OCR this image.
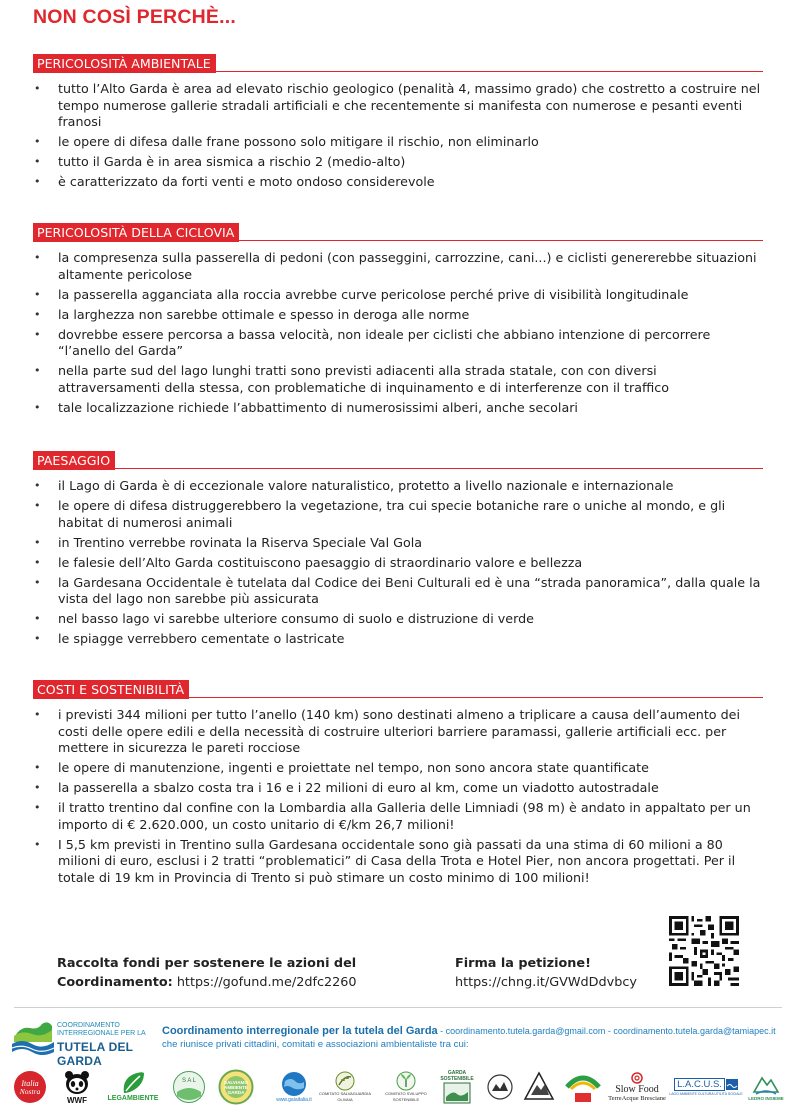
NON COSÌ PERCHÈ...
PERICOLOSITÀ AMBIENTALE
• tutto l’Alto Garda è area ad elevato rischio geologico (penalità 4, massimo grado) che costretto a costruire nel tempo numerose gallerie stradali artificiali e che recentemente si manifesta con numerose e pesanti eventi franosi
• le opere di difesa dalle frane possono solo mitigare il rischio, non eliminarlo
• tutto il Garda è in area sismica a rischio 2 (medio-alto)
• è caratterizzato da forti venti e moto ondoso considerevole
PERICOLOSITÀ DELLA CICLOVIA
• la compresenza sulla passerella di pedoni (con passeggini, carrozzine, cani...) e ciclisti genererebbe situazioni altamente pericolose
• la passerella agganciata alla roccia avrebbe curve pericolose perché prive di visibilità longitudinale
• la larghezza non sarebbe ottimale e spesso in deroga alle norme
• dovrebbe essere percorsa a bassa velocità, non ideale per ciclisti che abbiano intenzione di percorrere “l’anello del Garda”
• nella parte sud del lago lunghi tratti sono previsti adiacenti alla strada statale, con con diversi attraversamenti della stessa, con problematiche di inquinamento e di interferenze con il traffico
• tale localizzazione richiede l’abbattimento di numerosissimi alberi, anche secolari
PAESAGGIO
• il Lago di Garda è di eccezionale valore naturalistico, protetto a livello nazionale e internazionale
• le opere di difesa distruggerebbero la vegetazione, tra cui specie botaniche rare o uniche al mondo, e gli habitat di numerosi animali
• in Trentino verrebbe rovinata la Riserva Speciale Val Gola
• le falesie dell’Alto Garda costituiscono paesaggio di straordinario valore e bellezza
• la Gardesana Occidentale è tutelata dal Codice dei Beni Culturali ed è una “strada panoramica”, dalla quale la vista del lago non sarebbe più assicurata
• nel basso lago vi sarebbe ulteriore consumo di suolo e distruzione di verde
• le spiagge verrebbero cementate o lastricate
COSTI E SOSTENIBILITÀ
• i previsti 344 milioni per tutto l’anello (140 km) sono destinati almeno a triplicare a causa dell’aumento dei costi delle opere edili e della necessità di costruire ulteriori barriere paramassi, gallerie artificiali ecc. per mettere in sicurezza le pareti rocciose
• le opere di manutenzione, ingenti e proiettate nel tempo, non sono ancora state quantificate
• la passerella a sbalzo costa tra i 16 e i 22 milioni di euro al km, come un viadotto autostradale
• il tratto trentino dal confine con la Lombardia alla Galleria delle Limniadi (98 m) è andato in appaltato per un importo di € 2.620.000, un costo unitario di €/km 26,7 milioni!
• I 5,5 km previsti in Trentino sulla Gardesana occidentale sono già passati da una stima di 60 milioni a 80 milioni di euro, esclusi i 2 tratti “problematici” di Casa della Trota e Hotel Pier, non ancora progettati. Per il totale di 19 km in Provincia di Trento si può stimare un costo minimo di 100 milioni!
Raccolta fondi per sostenere le azioni del
Coordinamento: https://gofund.me/2dfc2260
Firma la petizione!
https://chng.it/GVWdDdvbcy
COORDINAMENTO
INTERREGIONALE PER LA
TUTELA DEL GARDA
Coordinamento interregionale per la tutela del Garda - coordinamento.tutela.garda@gmail.com - coordinamento.tutela.garda@tamiapec.it
che riunisce privati cittadini, comitati e associazioni ambientaliste tra cui:
Italia
Nostra
WWF	LEGAMBIENTE
S A L	SALVIAMO AMBIENTE GARDA
www.gaiaitalia.it
COMITATO SALVAGUARDIA OLIVAIA
COMITATO SVILUPPO SOSTENIBILE
GARDA SOSTENIBILE
Slow Food
TerreAcque Bresciane
L.A.C.U.S.
LAGO AMBIENTE CULTURA UTILITÀ SOCIALE
LEDRO INSIEME
